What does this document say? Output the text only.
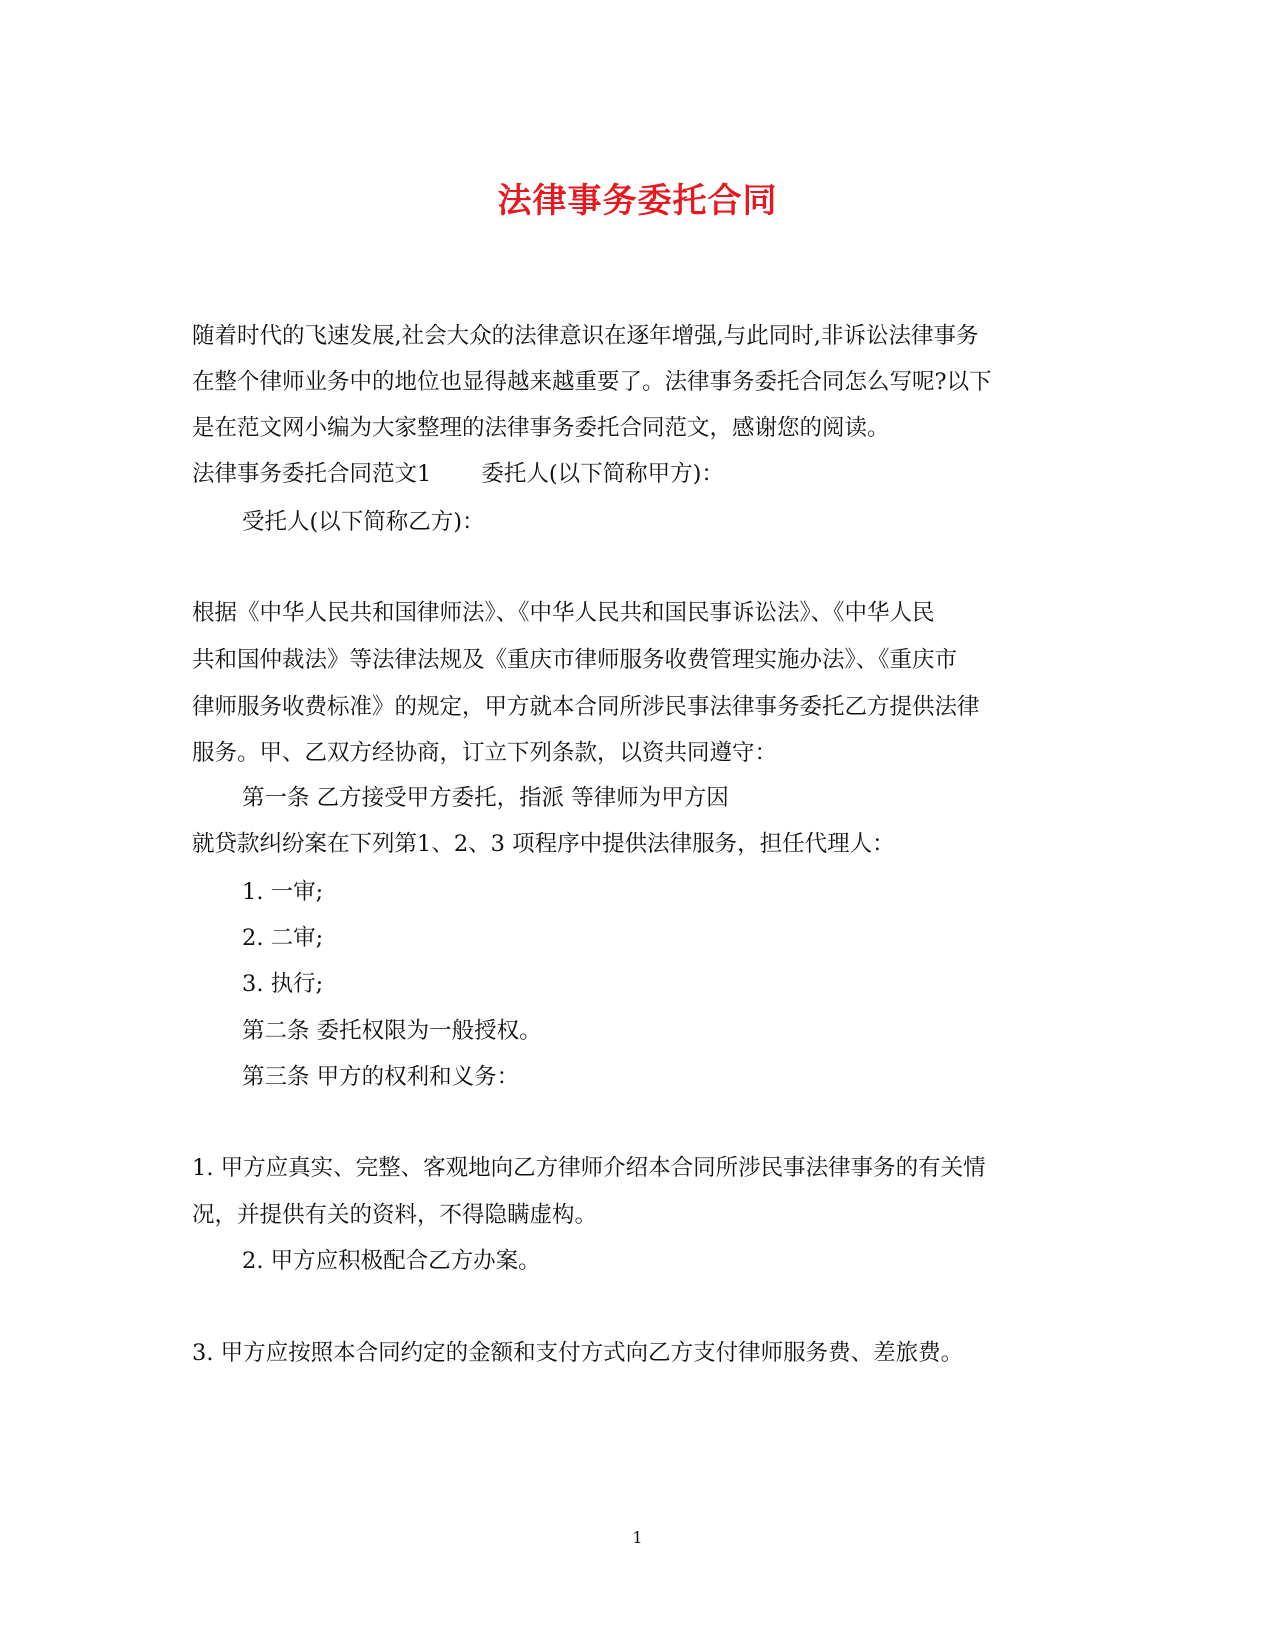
法律事务委托合同
随着时代的飞速发展,社会大众的法律意识在逐年增强,与此同时,非诉讼法律事务
在整个律师业务中的地位也显得越来越重要了。法律事务委托合同怎么写呢?以下
是在范文网小编为大家整理的法律事务委托合同范文，感谢您的阅读。
法律事务委托合同范文1 委托人(以下简称甲方)：
受托人(以下简称乙方)：
根据《中华人民共和国律师法》、《中华人民共和国民事诉讼法》、《中华人民
共和国仲裁法》等法律法规及《重庆市律师服务收费管理实施办法》、《重庆市
律师服务收费标准》的规定，甲方就本合同所涉民事法律事务委托乙方提供法律
服务。甲、乙双方经协商，订立下列条款，以资共同遵守：
第一条 乙方接受甲方委托，指派 等律师为甲方因
就贷款纠纷案在下列第1、2、3 项程序中提供法律服务，担任代理人：
1. 一审;
2. 二审;
3. 执行;
第二条 委托权限为一般授权。
第三条 甲方的权利和义务：
1. 甲方应真实、完整、客观地向乙方律师介绍本合同所涉民事法律事务的有关情
况，并提供有关的资料，不得隐瞒虚构。
2. 甲方应积极配合乙方办案。
3. 甲方应按照本合同约定的金额和支付方式向乙方支付律师服务费、差旅费。
1
